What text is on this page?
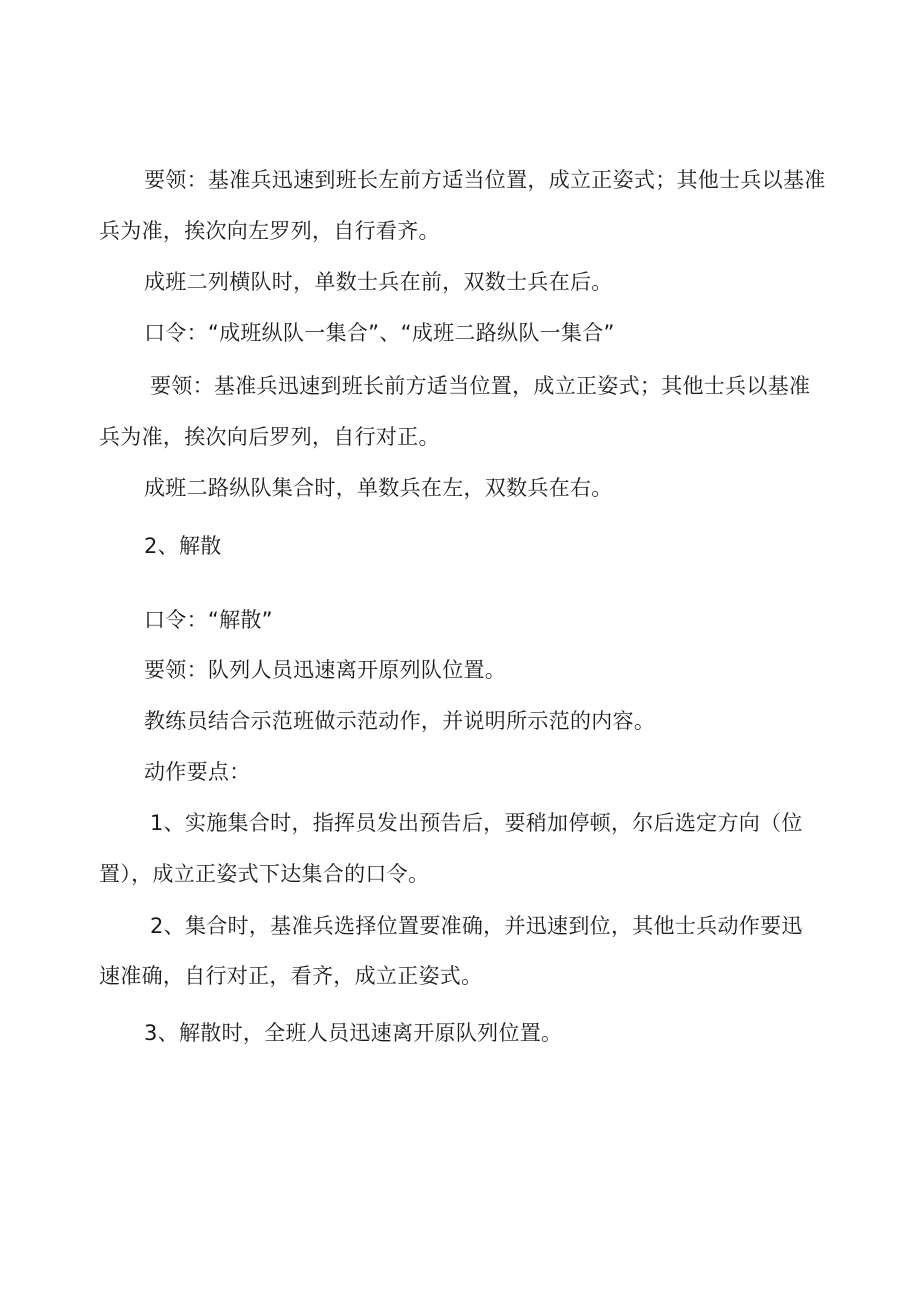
要领：基准兵迅速到班长左前方适当位置，成立正姿式；其他士兵以基准
兵为准，挨次向左罗列，自行看齐。
成班二列横队时，单数士兵在前，双数士兵在后。
口令：“成班纵队一集合”、“成班二路纵队一集合”
要领：基准兵迅速到班长前方适当位置，成立正姿式；其他士兵以基准
兵为准，挨次向后罗列，自行对正。
成班二路纵队集合时，单数兵在左，双数兵在右。
2、解散
口令：“解散”
要领：队列人员迅速离开原列队位置。
教练员结合示范班做示范动作，并说明所示范的内容。
动作要点：
1、实施集合时，指挥员发出预告后，要稍加停顿，尔后选定方向（位
置），成立正姿式下达集合的口令。
2、集合时，基准兵选择位置要准确，并迅速到位，其他士兵动作要迅
速准确，自行对正，看齐，成立正姿式。
3、解散时，全班人员迅速离开原队列位置。
